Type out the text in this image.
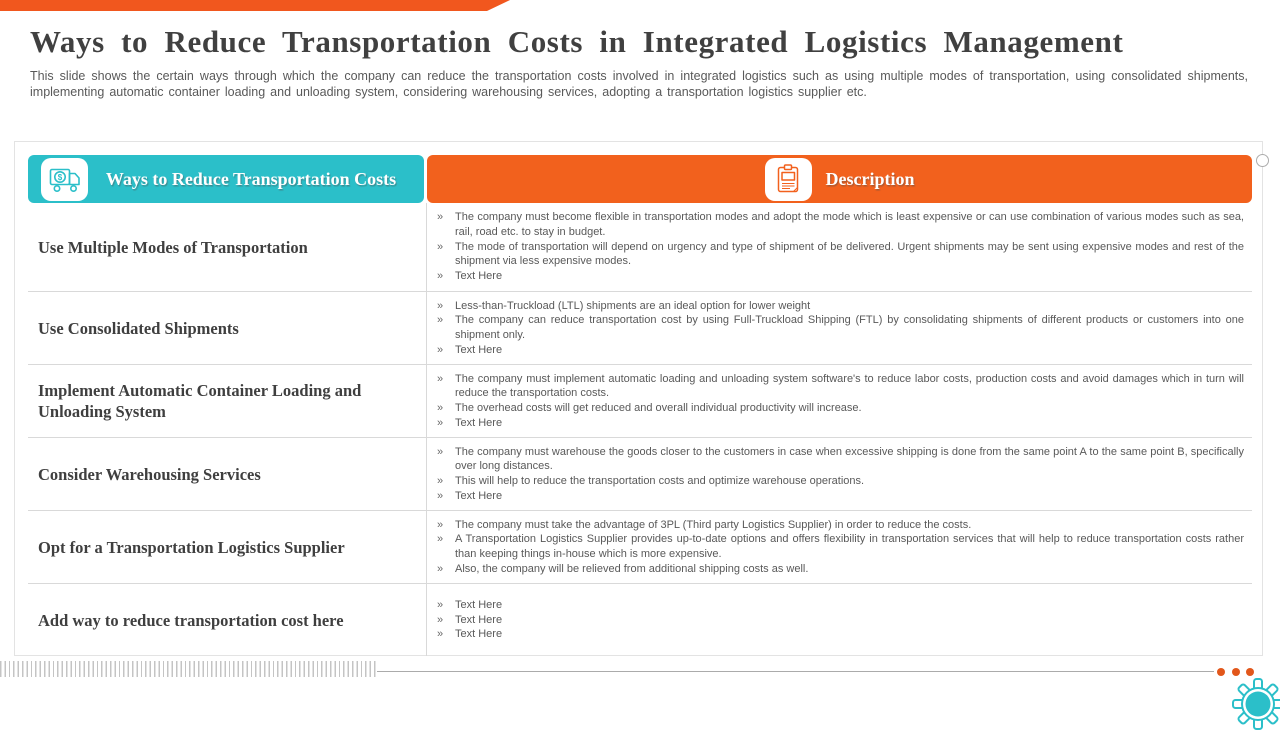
Ways to Reduce Transportation Costs in Integrated Logistics Management

This slide shows the certain ways through which the company can reduce the transportation costs involved in integrated logistics such as using multiple modes of transportation, using consolidated shipments, implementing automatic container loading and unloading system, considering warehousing services, adopting a transportation logistics supplier etc.

$	Ways to Reduce Transportation Costs	Description
Use Multiple Modes of Transportation
» The company must become flexible in transportation modes and adopt the mode which is least expensive or can use combination of various modes such as sea, rail, road etc. to stay in budget.
» The mode of transportation will depend on urgency and type of shipment of be delivered. Urgent shipments may be sent using expensive modes and rest of the shipment via less expensive modes.
» Text Here
Use Consolidated Shipments
» Less-than-Truckload (LTL) shipments are an ideal option for lower weight
» The company can reduce transportation cost by using Full-Truckload Shipping (FTL) by consolidating shipments of different products or customers into one shipment only.
» Text Here
Implement Automatic Container Loading and Unloading System
» The company must implement automatic loading and unloading system software's to reduce labor costs, production costs and avoid damages which in turn will reduce the transportation costs.
» The overhead costs will get reduced and overall individual productivity will increase.
» Text Here
Consider Warehousing Services
» The company must warehouse the goods closer to the customers in case when excessive shipping is done from the same point A to the same point B, specifically over long distances.
» This will help to reduce the transportation costs and optimize warehouse operations.
» Text Here
Opt for a Transportation Logistics Supplier
» The company must take the advantage of 3PL (Third party Logistics Supplier) in order to reduce the costs.
» A Transportation Logistics Supplier provides up-to-date options and offers flexibility in transportation services that will help to reduce transportation costs rather than keeping things in-house which is more expensive.
» Also, the company will be relieved from additional shipping costs as well.
Add way to reduce transportation cost here
» Text Here
» Text Here
» Text Here
